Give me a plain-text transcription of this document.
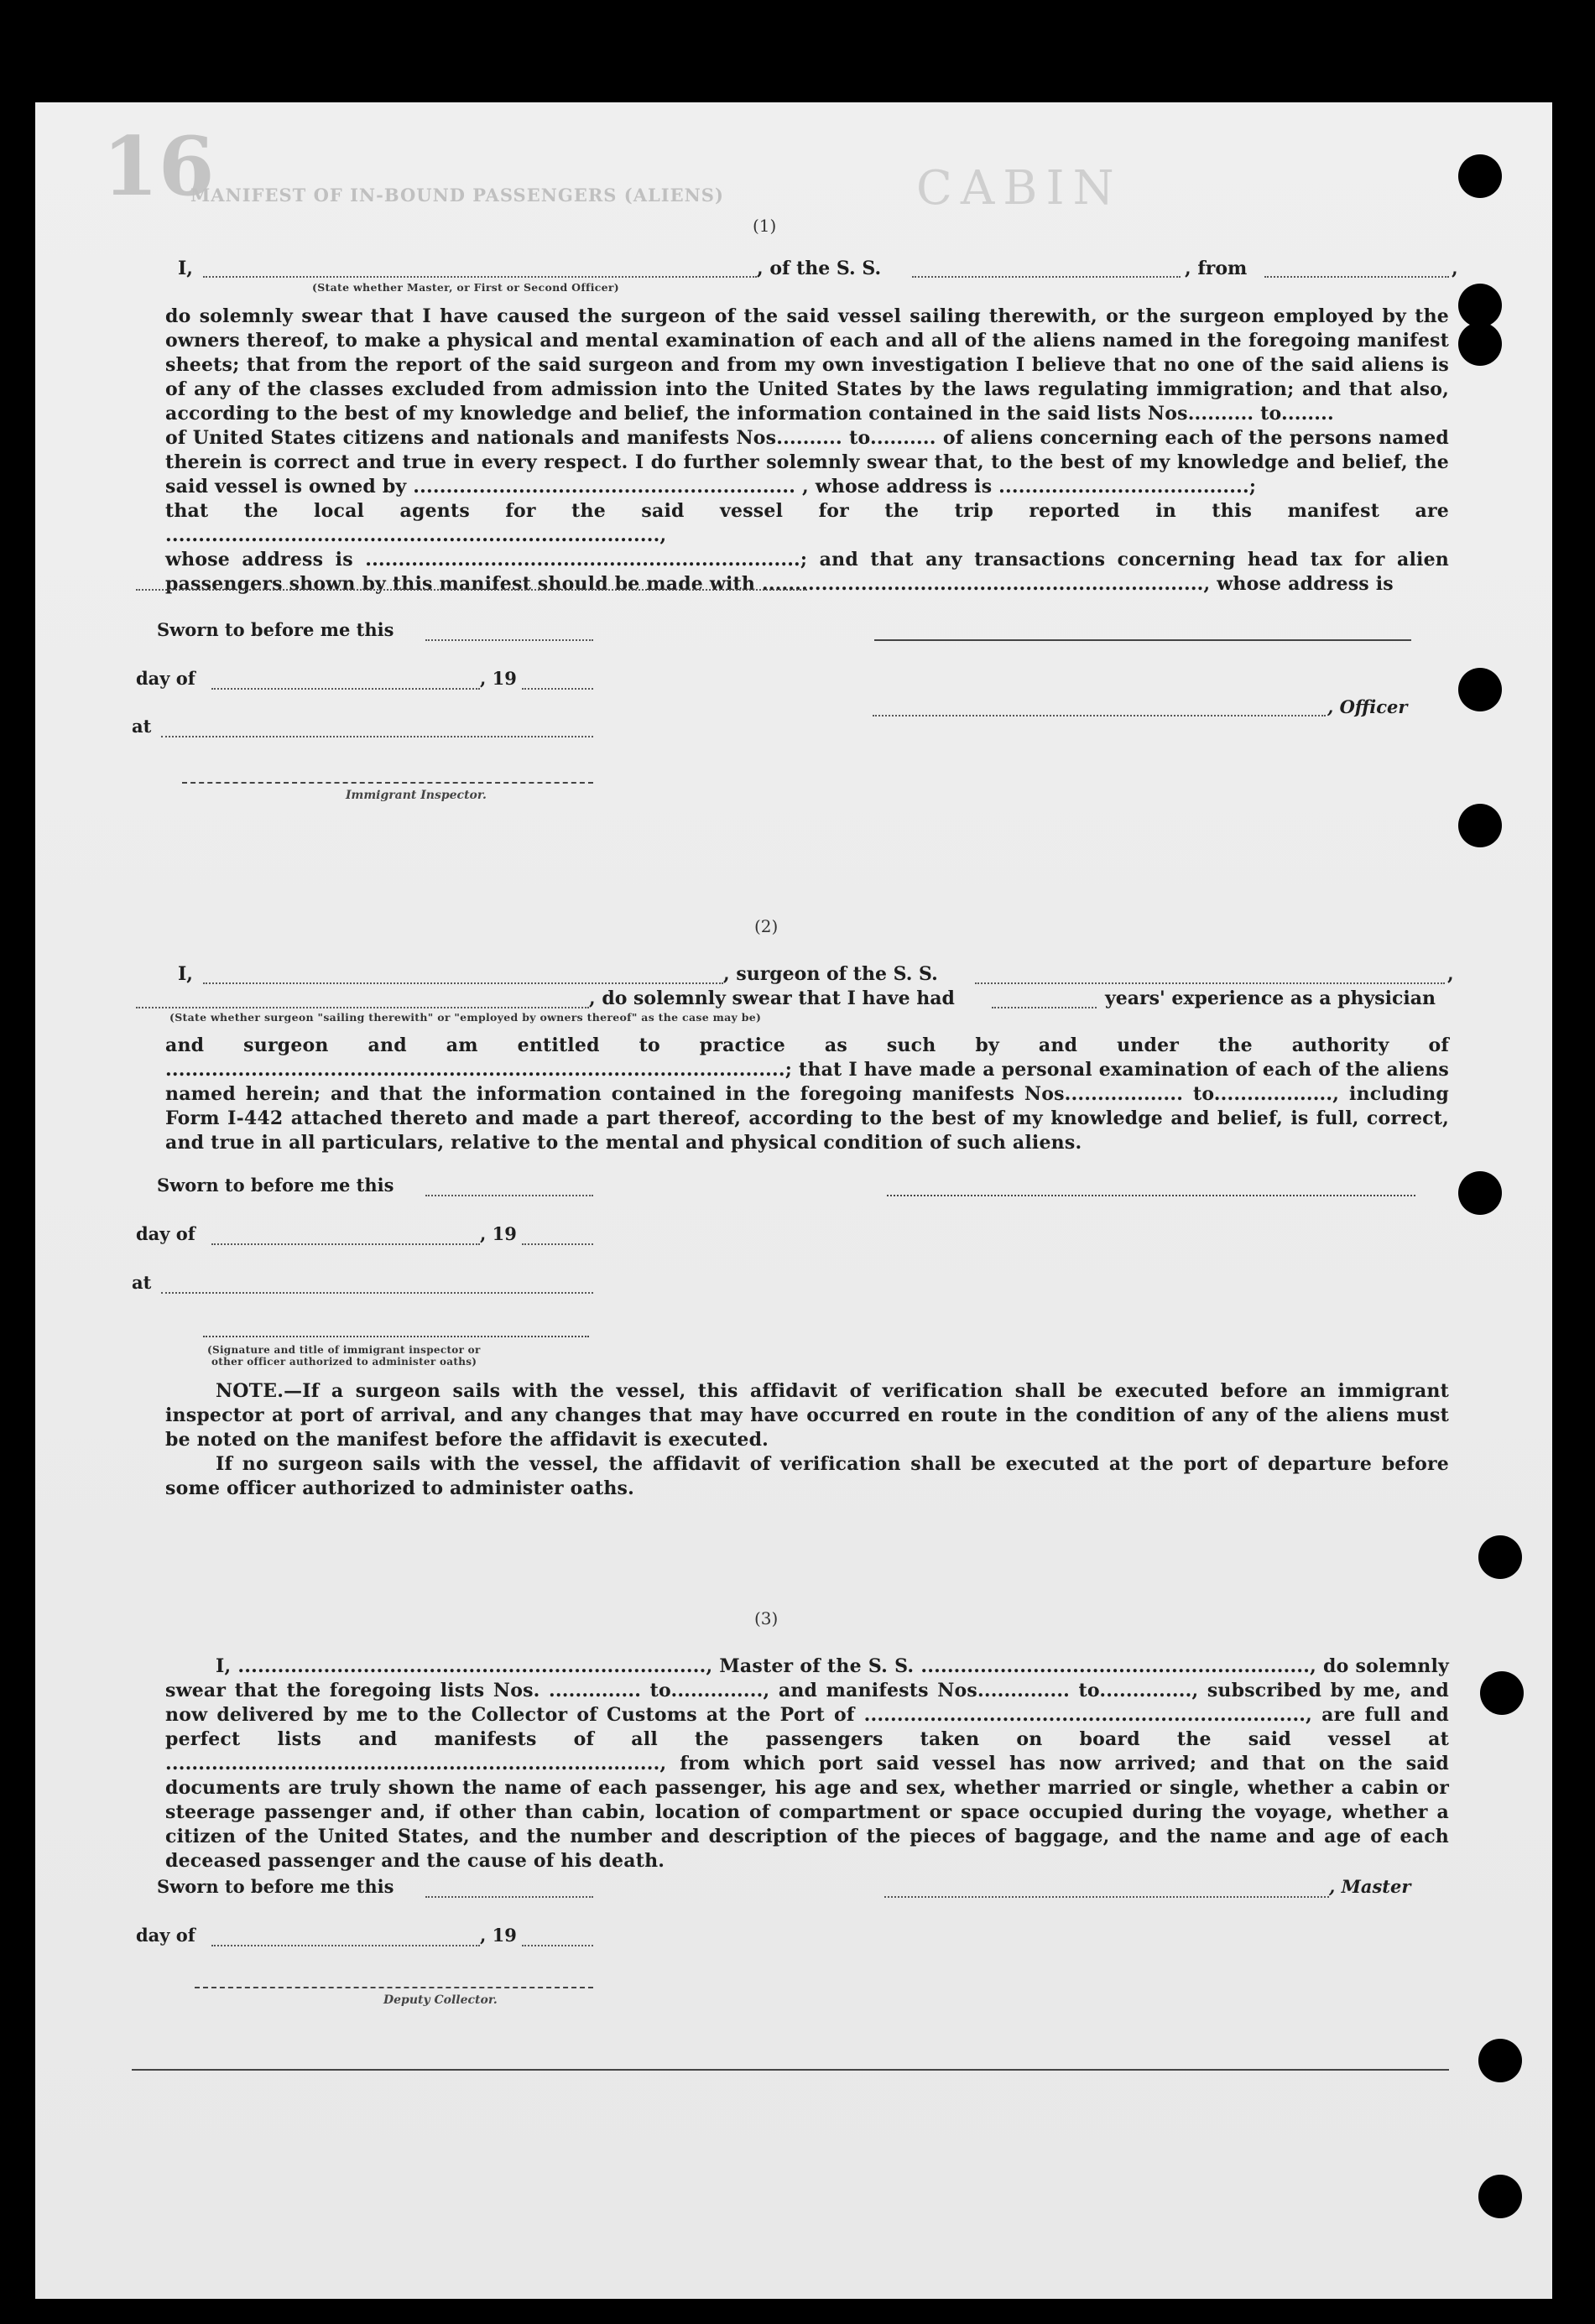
16	CABIN
MANIFEST OF IN-BOUND PASSENGERS (ALIENS)
(1)
I,	, of the S. S.	, from	,
(State whether Master, or First or Second Officer)

do solemnly swear that I have caused the surgeon of the said vessel sailing therewith, or the surgeon employed by the owners thereof, to make a physical and mental examination of each and all of the aliens named in the foregoing manifest sheets; that from the report of the said surgeon and from my own investigation I believe that no one of the said aliens is of any of the classes excluded from admission into the United States by the laws regulating immigration; and that also, according to the best of my knowledge and belief, the information contained in the said lists Nos.......... to........

of United States citizens and nationals and manifests Nos.......... to.......... of aliens concerning each of the persons named therein is correct and true in every respect. I do further solemnly swear that, to the best of my knowledge and belief, the said vessel is owned by .......................................................... , whose address is ......................................;

that the local agents for the said vessel for the trip reported in this manifest are ...........................................................................,

whose address is ..................................................................; and that any transactions concerning head tax for alien passengers shown by this manifest should be made with ..................................................................., whose address is

Sworn to before me this
day of	, 19
at
, Officer
Immigrant Inspector.
(2)
I,	, surgeon of the S. S.	,
, do solemnly swear that I have had	years' experience as a physician
(State whether surgeon "sailing therewith" or "employed by owners thereof" as the case may be)
and surgeon and am entitled to practice as such by and under the authority of ..............................................................................................; that I have made a personal examination of each of the aliens named herein; and that the information contained in the foregoing manifests Nos.................. to.................., including Form I-442 attached thereto and made a part thereof, according to the best of my knowledge and belief, is full, correct, and true in all particulars, relative to the mental and physical condition of such aliens.
Sworn to before me this
day of	, 19
at
(Signature and title of immigrant inspector or
other officer authorized to administer oaths)

NOTE.—If a surgeon sails with the vessel, this affidavit of verification shall be executed before an immigrant inspector at port of arrival, and any changes that may have occurred en route in the condition of any of the aliens must be noted on the manifest before the affidavit is executed.

If no surgeon sails with the vessel, the affidavit of verification shall be executed at the port of departure before some officer authorized to administer oaths.

(3)
I, ......................................................................., Master of the S. S. ..........................................................., do solemnly swear that the foregoing lists Nos. .............. to.............., and manifests Nos.............. to.............., subscribed by me, and now delivered by me to the Collector of Customs at the Port of ..................................................................., are full and perfect lists and manifests of all the passengers taken on board the said vessel at ..........................................................................., from which port said vessel has now arrived; and that on the said documents are truly shown the name of each passenger, his age and sex, whether married or single, whether a cabin or steerage passenger and, if other than cabin, location of compartment or space occupied during the voyage, whether a citizen of the United States, and the number and description of the pieces of baggage, and the name and age of each deceased passenger and the cause of his death.
Sworn to before me this	, Master
day of	, 19
Deputy Collector.
